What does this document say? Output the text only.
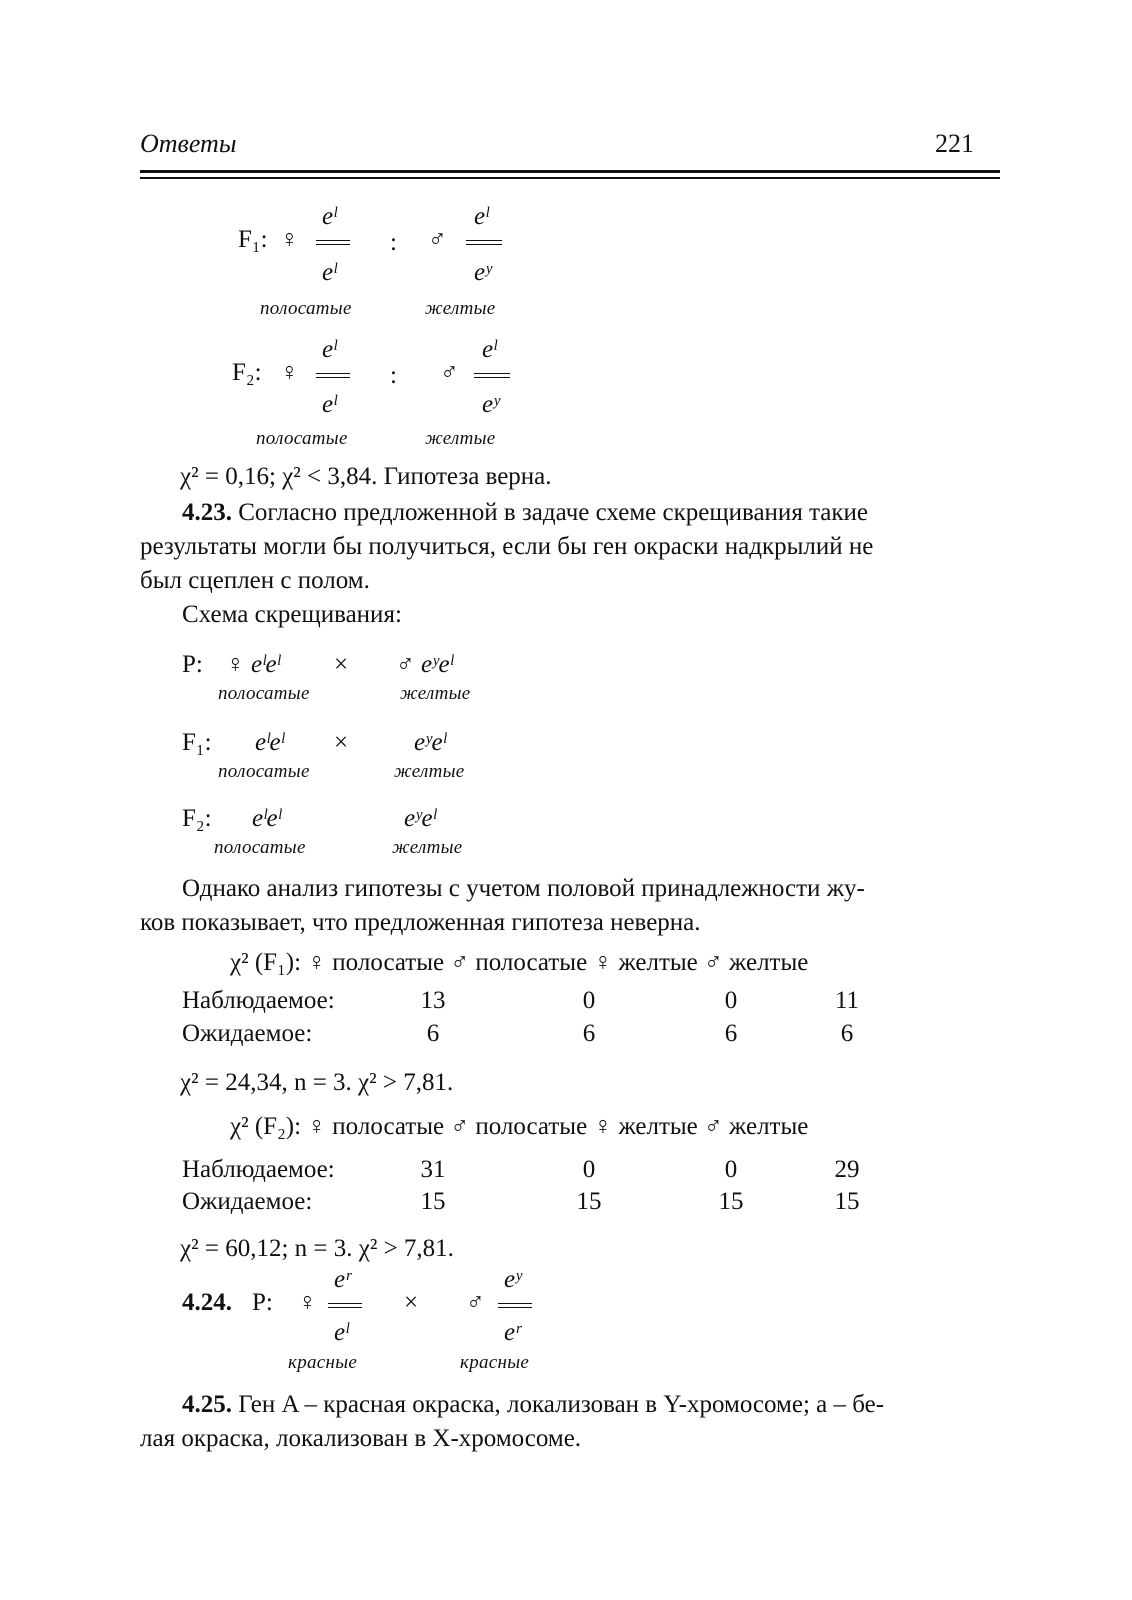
Ответы	221
F₁: ♀
eˡ
eˡ
: ♂
eˡ
eʸ
полосатые	желтые
F₂: ♀
eˡ
eˡ
: ♂
eˡ
eʸ
полосатые	желтые
χ² = 0,16; χ² < 3,84. Гипотеза верна.
4.23. Согласно предложенной в задаче схеме скрещивания такие
результаты могли бы получиться, если бы ген окраски надкрылий не
был сцеплен с полом.
Схема скрещивания:
P: ♀ eˡeˡ × ♂ eʸeˡ
полосатые	желтые
F₁: eˡeˡ ×	eʸeˡ
полосатые	желтые
F₂: eˡeˡ	eʸeˡ
полосатые	желтые
Однако анализ гипотезы с учетом половой принадлежности жу-
ков показывает, что предложенная гипотеза неверна.
χ² (F₁): ♀ полосатые ♂ полосатые ♀ желтые ♂ желтые
Наблюдаемое:	13	0	0	11
Ожидаемое:	6	6	6	6
χ² = 24,34, n = 3. χ² > 7,81.
χ² (F₂): ♀ полосатые ♂ полосатые ♀ желтые ♂ желтые
Наблюдаемое:	31	0	0	29
Ожидаемое:	15	15	15	15
χ² = 60,12; n = 3. χ² > 7,81.
4.24. P: ♀
eʳ
eˡ
× ♂
eʸ
eʳ
красные	красные
4.25. Ген A – красная окраска, локализован в Y-хромосоме; a – бе-
лая окраска, локализован в X-хромосоме.
